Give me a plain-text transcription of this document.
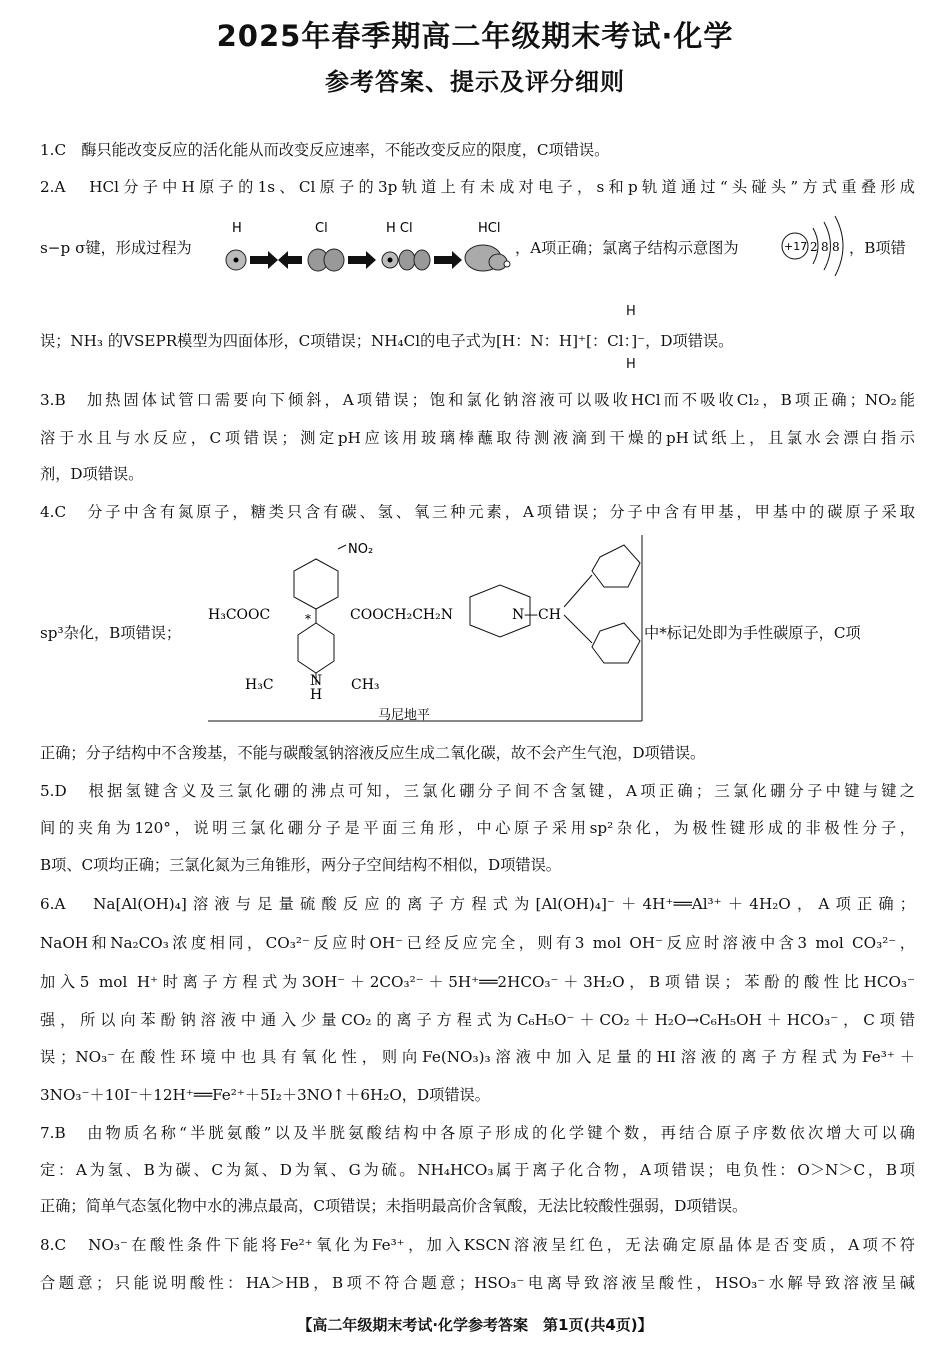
2025年春季期高二年级期末考试·化学
参考答案、提示及评分细则
1.C　酶只能改变反应的活化能从而改变反应速率，不能改变反应的限度，C项错误。
2.A　HCl分子中H原子的1s、Cl原子的3p轨道上有未成对电子，s和p轨道通过“头碰头”方式重叠形成
s−p σ键，形成过程为
H	Cl	H Cl	HCl
，A项正确；氯离子结构示意图为	+17 2 8 8 ，B项错
H
误；NH₃ 的VSEPR模型为四面体形，C项错误；NH₄Cl的电子式为[H：N：H]⁺[：Cl：]⁻，D项错误。
H
3.B　加热固体试管口需要向下倾斜，A项错误；饱和氯化钠溶液可以吸收HCl而不吸收Cl₂，B项正确；NO₂能
溶于水且与水反应，C项错误；测定pH应该用玻璃棒蘸取待测液滴到干燥的pH试纸上，且氯水会漂白指示
剂，D项错误。
4.C　分子中含有氮原子，糖类只含有碳、氢、氧三种元素，A项错误；分子中含有甲基，甲基中的碳原子采取
sp³杂化，B项错误；
NO₂
H₃COOC	COOCH₂CH₂N
*
H₃C	CH₃
N
H
N —CH
马尼地平
中*标记处即为手性碳原子，C项
正确；分子结构中不含羧基，不能与碳酸氢钠溶液反应生成二氧化碳，故不会产生气泡，D项错误。
5.D　根据氢键含义及三氯化硼的沸点可知，三氯化硼分子间不含氢键，A项正确；三氯化硼分子中键与键之
间的夹角为120°，说明三氯化硼分子是平面三角形，中心原子采用sp²杂化，为极性键形成的非极性分子，
B项、C项均正确；三氯化氮为三角锥形，两分子空间结构不相似，D项错误。
6.A　Na[Al(OH)₄]溶液与足量硫酸反应的离子方程式为[Al(OH)₄]⁻＋4H⁺══Al³⁺＋4H₂O，A项正确；
NaOH和Na₂CO₃浓度相同，CO₃²⁻反应时OH⁻已经反应完全，则有3 mol OH⁻反应时溶液中含3 mol CO₃²⁻，
加入5 mol H⁺时离子方程式为3OH⁻＋2CO₃²⁻＋5H⁺══2HCO₃⁻＋3H₂O，B项错误；苯酚的酸性比HCO₃⁻
强，所以向苯酚钠溶液中通入少量CO₂的离子方程式为C₆H₅O⁻＋CO₂＋H₂O→C₆H₅OH＋HCO₃⁻，C项错
误；NO₃⁻在酸性环境中也具有氧化性，则向Fe(NO₃)₃溶液中加入足量的HI溶液的离子方程式为Fe³⁺＋
3NO₃⁻＋10I⁻＋12H⁺══Fe²⁺＋5I₂＋3NO↑＋6H₂O，D项错误。
7.B　由物质名称“半胱氨酸”以及半胱氨酸结构中各原子形成的化学键个数，再结合原子序数依次增大可以确
定：A为氢、B为碳、C为氮、D为氧、G为硫。NH₄HCO₃属于离子化合物，A项错误；电负性：O＞N＞C，B项
正确；简单气态氢化物中水的沸点最高，C项错误；未指明最高价含氧酸，无法比较酸性强弱，D项错误。
8.C　NO₃⁻在酸性条件下能将Fe²⁺氧化为Fe³⁺，加入KSCN溶液呈红色，无法确定原晶体是否变质，A项不符
合题意；只能说明酸性：HA＞HB，B项不符合题意；HSO₃⁻电离导致溶液呈酸性，HSO₃⁻水解导致溶液呈碱
【高二年级期末考试·化学参考答案　第1页(共4页)】
